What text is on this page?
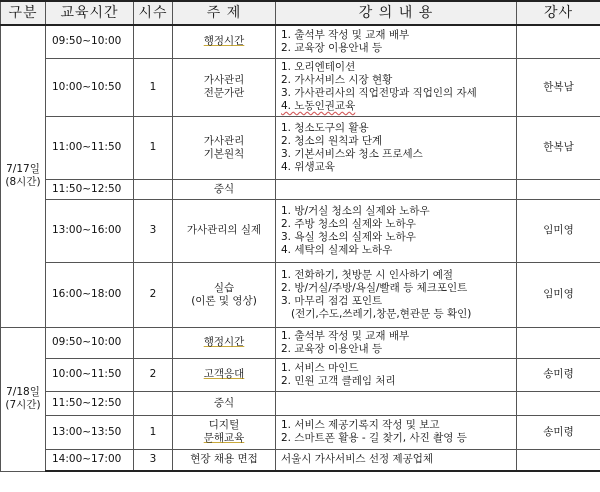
구분	교육시간	시수	주 제	강 의 내 용	강사

7/17일
(8시간)	09:50~10:00		행정시간	1. 출석부 작성 및 교재 배부
2. 교육장 이용안내 등	

	10:00~10:50	1	가사관리
전문가란	1. 오리엔테이션
2. 가사서비스 시장 현황
3. 가사관리사의 직업전망과 직업인의 자세
4. 노동인권교육	한복남
	11:00~11:50	1	가사관리
기본원칙	1. 청소도구의 활용
2. 청소의 원칙과 단계
3. 기본서비스와 청소 프로세스
4. 위생교육	한복남
	11:50~12:50		중식		

	13:00~16:00	3	가사관리의 실제	1. 방/거실 청소의 실제와 노하우
2. 주방 청소의 실제와 노하우
3. 욕실 청소의 실제와 노하우
4. 세탁의 실제와 노하우	임미영
	16:00~18:00	2	실습
(이론 및 영상)	1. 전화하기, 첫방문 시 인사하기 예절
2. 방/거실/주방/욕실/빨래 등 체크포인트
3. 마무리 점검 포인트
(전기,수도,쓰레기,창문,현관문 등 확인)	임미영

7/18일
(7시간)	09:50~10:00		행정시간	1. 출석부 작성 및 교재 배부
2. 교육장 이용안내 등	

	10:00~11:50	2	고객응대	1. 서비스 마인드
2. 민원 고객 클레임 처리	송미령
	11:50~12:50		중식		

	13:00~13:50	1	디지털
문해교육	1. 서비스 제공기록지 작성 및 보고
2. 스마트폰 활용 - 길 찾기, 사진 촬영 등	송미령
	14:00~17:00	3	현장 채용 면접	서울시 가사서비스 선정 제공업체	
